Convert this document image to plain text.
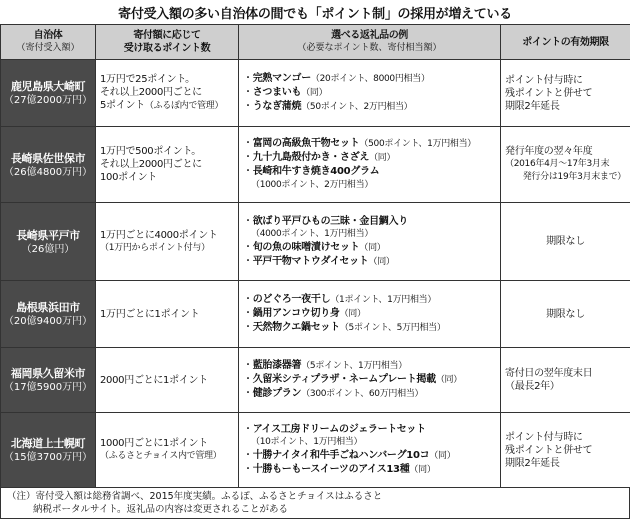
寄付受入額の多い自治体の間でも「ポイント制」の採用が増えている
自治体
（寄付受入額）	寄付額に応じて
受け取るポイント数	選べる返礼品の例
（必要なポイント数、寄付相当額）	ポイントの有効期限

鹿児島県大崎町
（27億2000万円）	1万円で25ポイント。
それ以上2000円ごとに
5ポイント（ふるぽ内で管理）	・完熟マンゴー（20ポイント、8000円相当）
・さつまいも（同）
・うなぎ蒲焼（50ポイント、2万円相当）	ポイント付与時に
残ポイントと併せて
期限2年延長

長崎県佐世保市
（26億4800万円）	1万円で500ポイント。
それ以上2000円ごとに
100ポイント	・富岡の高級魚干物セット（500ポイント、1万円相当）
・九十九島殻付かき・さざえ（同）
・長崎和牛すき焼き400グラム
（1000ポイント、2万円相当）	発行年度の翌々年度
（2016年4月～17年3月末
発行分は19年3月末まで）

長崎県平戸市
（26億円）	1万円ごとに4000ポイント
（1万円からポイント付与）	・欲ばり平戸ひもの三昧・金目鯛入り
（4000ポイント、1万円相当）
・旬の魚の味噌漬けセット（同）
・平戸干物マトウダイセット（同）	期限なし

島根県浜田市
（20億9400万円）	1万円ごとに1ポイント	・のどぐろ一夜干し（1ポイント、1万円相当）
・鍋用アンコウ切り身（同）
・天然物クエ鍋セット（5ポイント、5万円相当）	期限なし

福岡県久留米市
（17億5900万円）	2000円ごとに1ポイント	・藍胎漆器箸（5ポイント、1万円相当）
・久留米シティプラザ・ネームプレート掲載（同）
・健診プラン（300ポイント、60万円相当）	寄付日の翌年度末日
（最長2年）

北海道上士幌町
（15億3700万円）	1000円ごとに1ポイント
（ふるさとチョイス内で管理）	・アイス工房ドリームのジェラートセット
（10ポイント、1万円相当）
・十勝ナイタイ和牛手ごねハンバーグ10コ（同）
・十勝もーもースイーツのアイス13種（同）	ポイント付与時に
残ポイントと併せて
期限2年延長
（注）寄付受入額は総務省調べ、2015年度実績。ふるぽ、ふるさとチョイスはふるさと
納税ポータルサイト。返礼品の内容は変更されることがある
